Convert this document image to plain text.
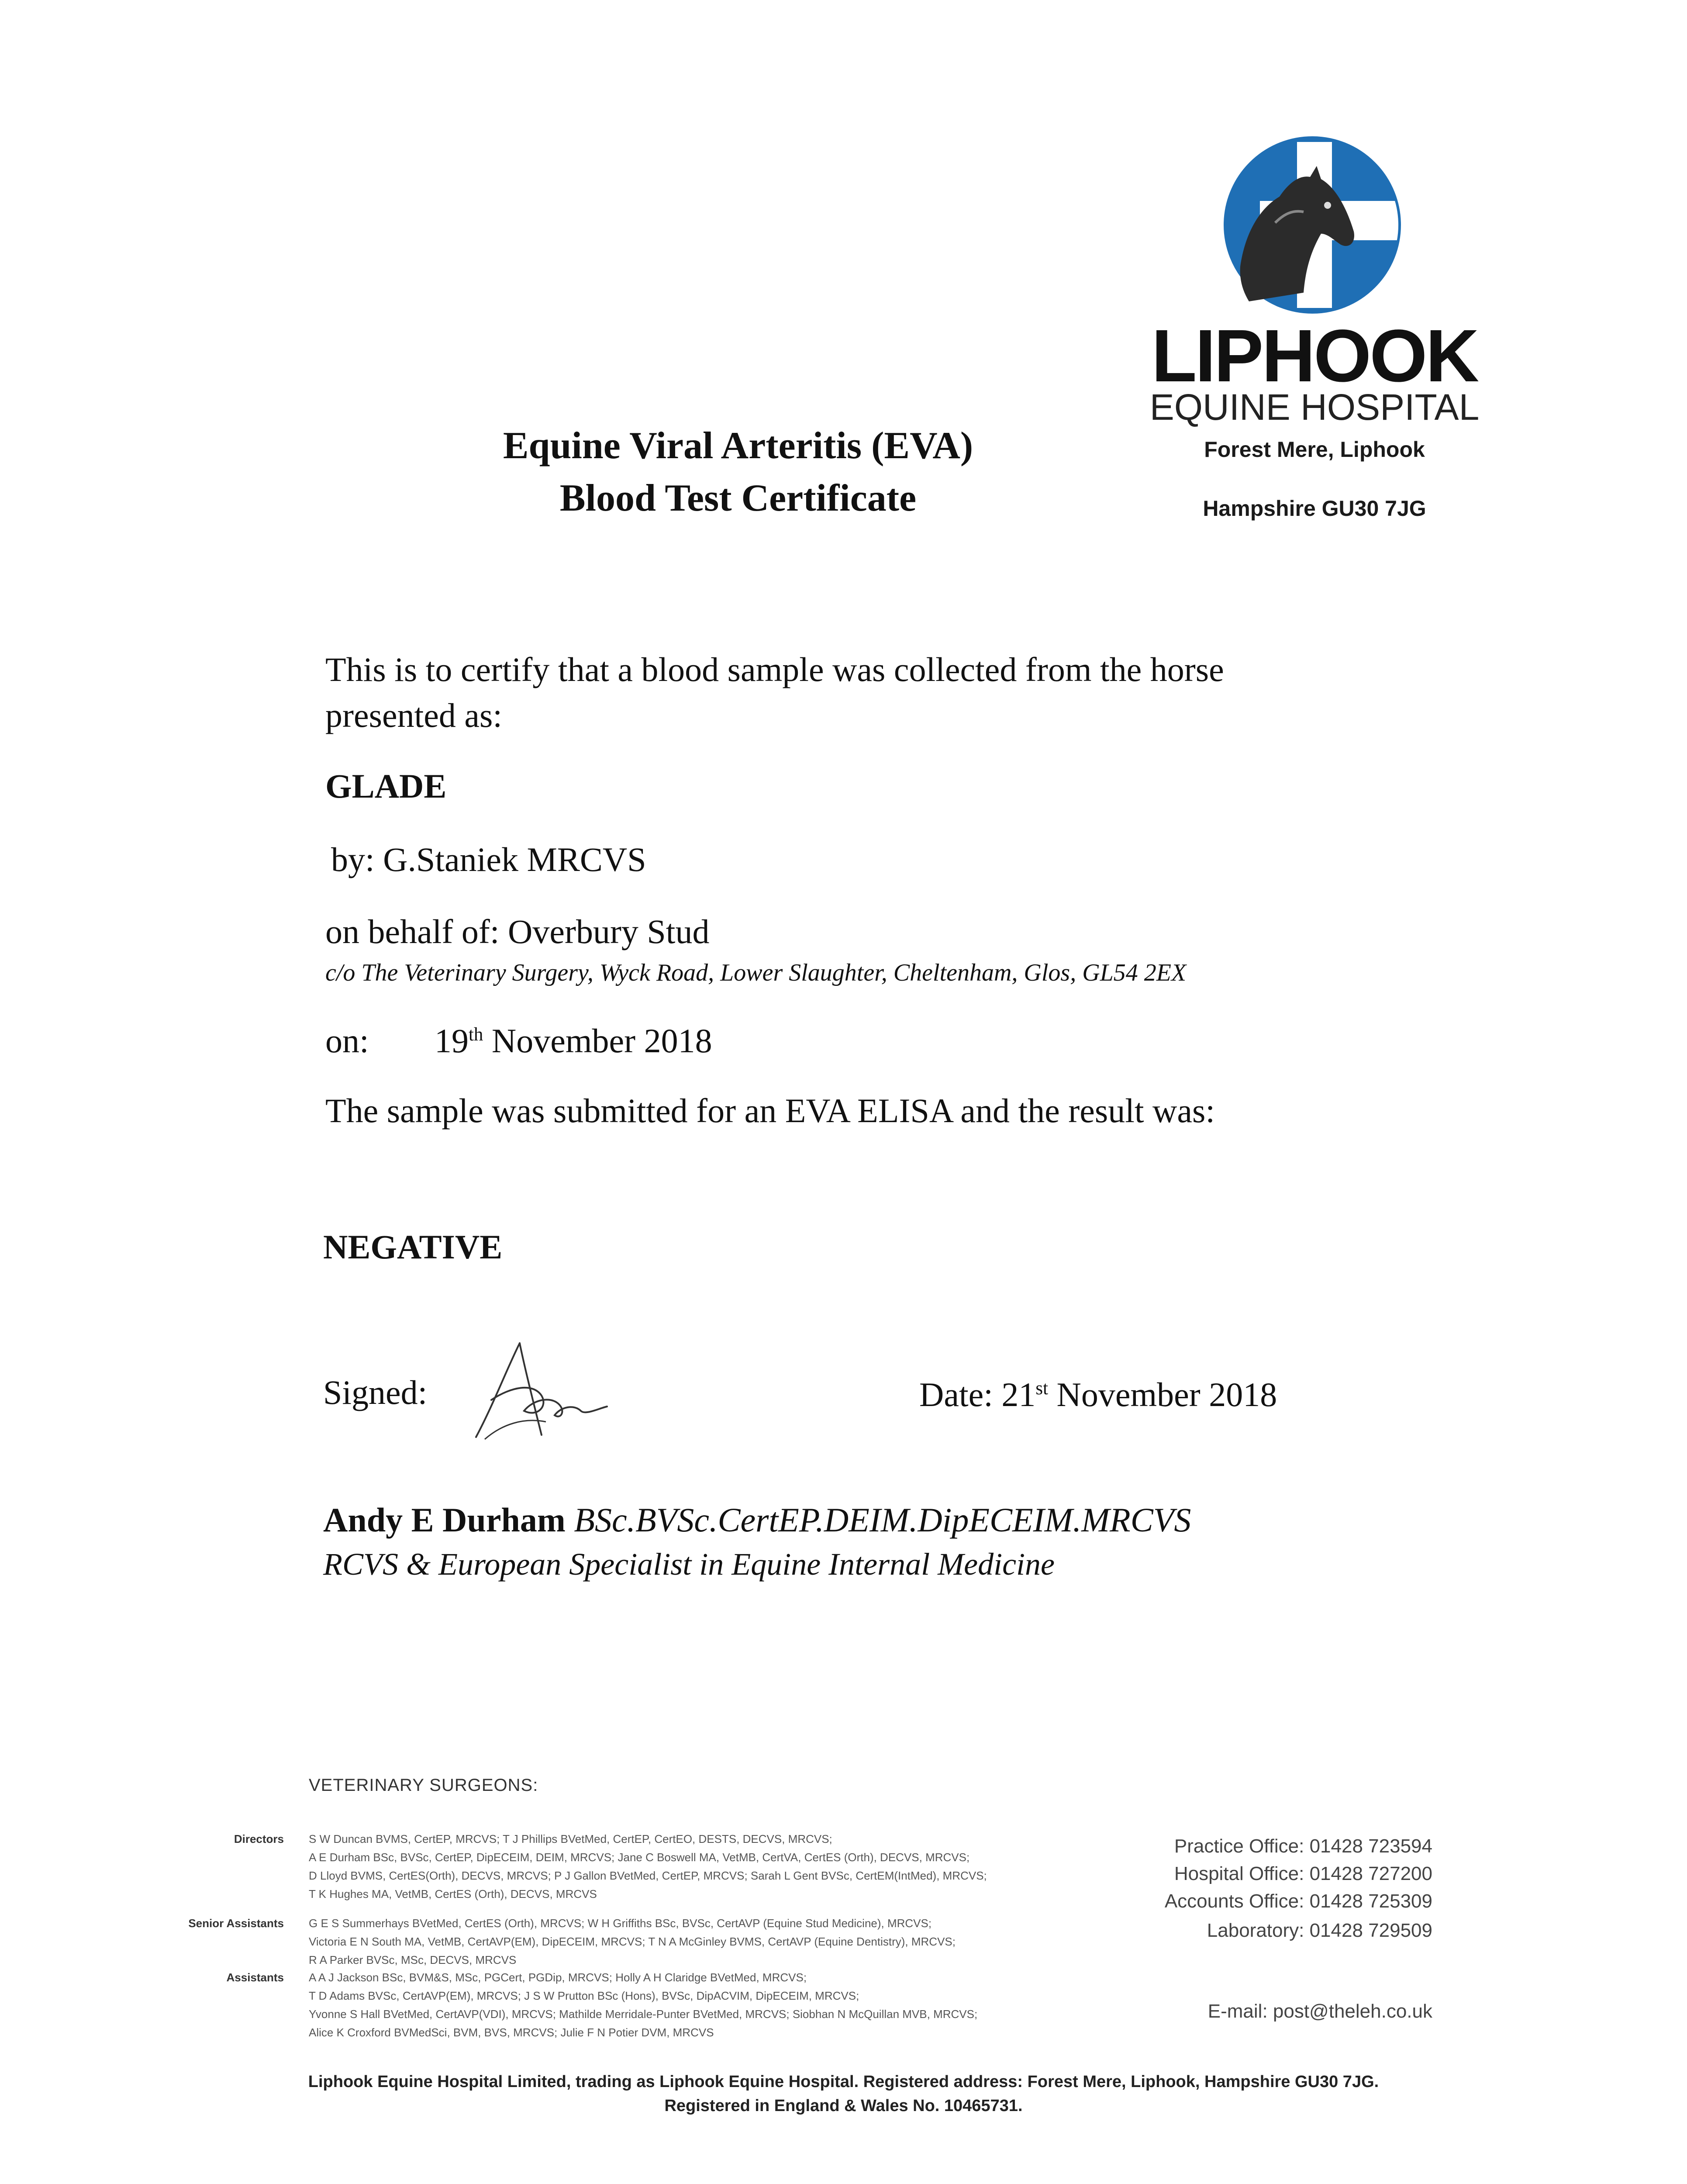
LIPHOOK
EQUINE HOSPITAL
Forest Mere, Liphook
Hampshire GU30 7JG
Equine Viral Arteritis (EVA)
Blood Test Certificate
This is to certify that a blood sample was collected from the horse presented as:
GLADE
by: G.Staniek MRCVS
on behalf of: Overbury Stud
c/o The Veterinary Surgery, Wyck Road, Lower Slaughter, Cheltenham, Glos, GL54 2EX
on: 19th November 2018
The sample was submitted for an EVA ELISA and the result was:
NEGATIVE
Signed:	Date: 21st November 2018
Andy E Durham BSc.BVSc.CertEP.DEIM.DipECEIM.MRCVS
RCVS & European Specialist in Equine Internal Medicine
VETERINARY SURGEONS:
Directors S W Duncan BVMS, CertEP, MRCVS; T J Phillips BVetMed, CertEP, CertEO, DESTS, DECVS, MRCVS;
A E Durham BSc, BVSc, CertEP, DipECEIM, DEIM, MRCVS; Jane C Boswell MA, VetMB, CertVA, CertES (Orth), DECVS, MRCVS;
D Lloyd BVMS, CertES(Orth), DECVS, MRCVS; P J Gallon BVetMed, CertEP, MRCVS; Sarah L Gent BVSc, CertEM(IntMed), MRCVS;
T K Hughes MA, VetMB, CertES (Orth), DECVS, MRCVS
Senior Assistants G E S Summerhays BVetMed, CertES (Orth), MRCVS; W H Griffiths BSc, BVSc, CertAVP (Equine Stud Medicine), MRCVS;
Victoria E N South MA, VetMB, CertAVP(EM), DipECEIM, MRCVS; T N A McGinley BVMS, CertAVP (Equine Dentistry), MRCVS;
R A Parker BVSc, MSc, DECVS, MRCVS
Assistants A A J Jackson BSc, BVM&S, MSc, PGCert, PGDip, MRCVS; Holly A H Claridge BVetMed, MRCVS;
T D Adams BVSc, CertAVP(EM), MRCVS; J S W Prutton BSc (Hons), BVSc, DipACVIM, DipECEIM, MRCVS;
Yvonne S Hall BVetMed, CertAVP(VDI), MRCVS; Mathilde Merridale-Punter BVetMed, MRCVS; Siobhan N McQuillan MVB, MRCVS;
Alice K Croxford BVMedSci, BVM, BVS, MRCVS; Julie F N Potier DVM, MRCVS
Practice Office: 01428 723594
Hospital Office: 01428 727200
Accounts Office: 01428 725309
Laboratory: 01428 729509
E-mail: post@theleh.co.uk
Liphook Equine Hospital Limited, trading as Liphook Equine Hospital. Registered address: Forest Mere, Liphook, Hampshire GU30 7JG.
Registered in England & Wales No. 10465731.
